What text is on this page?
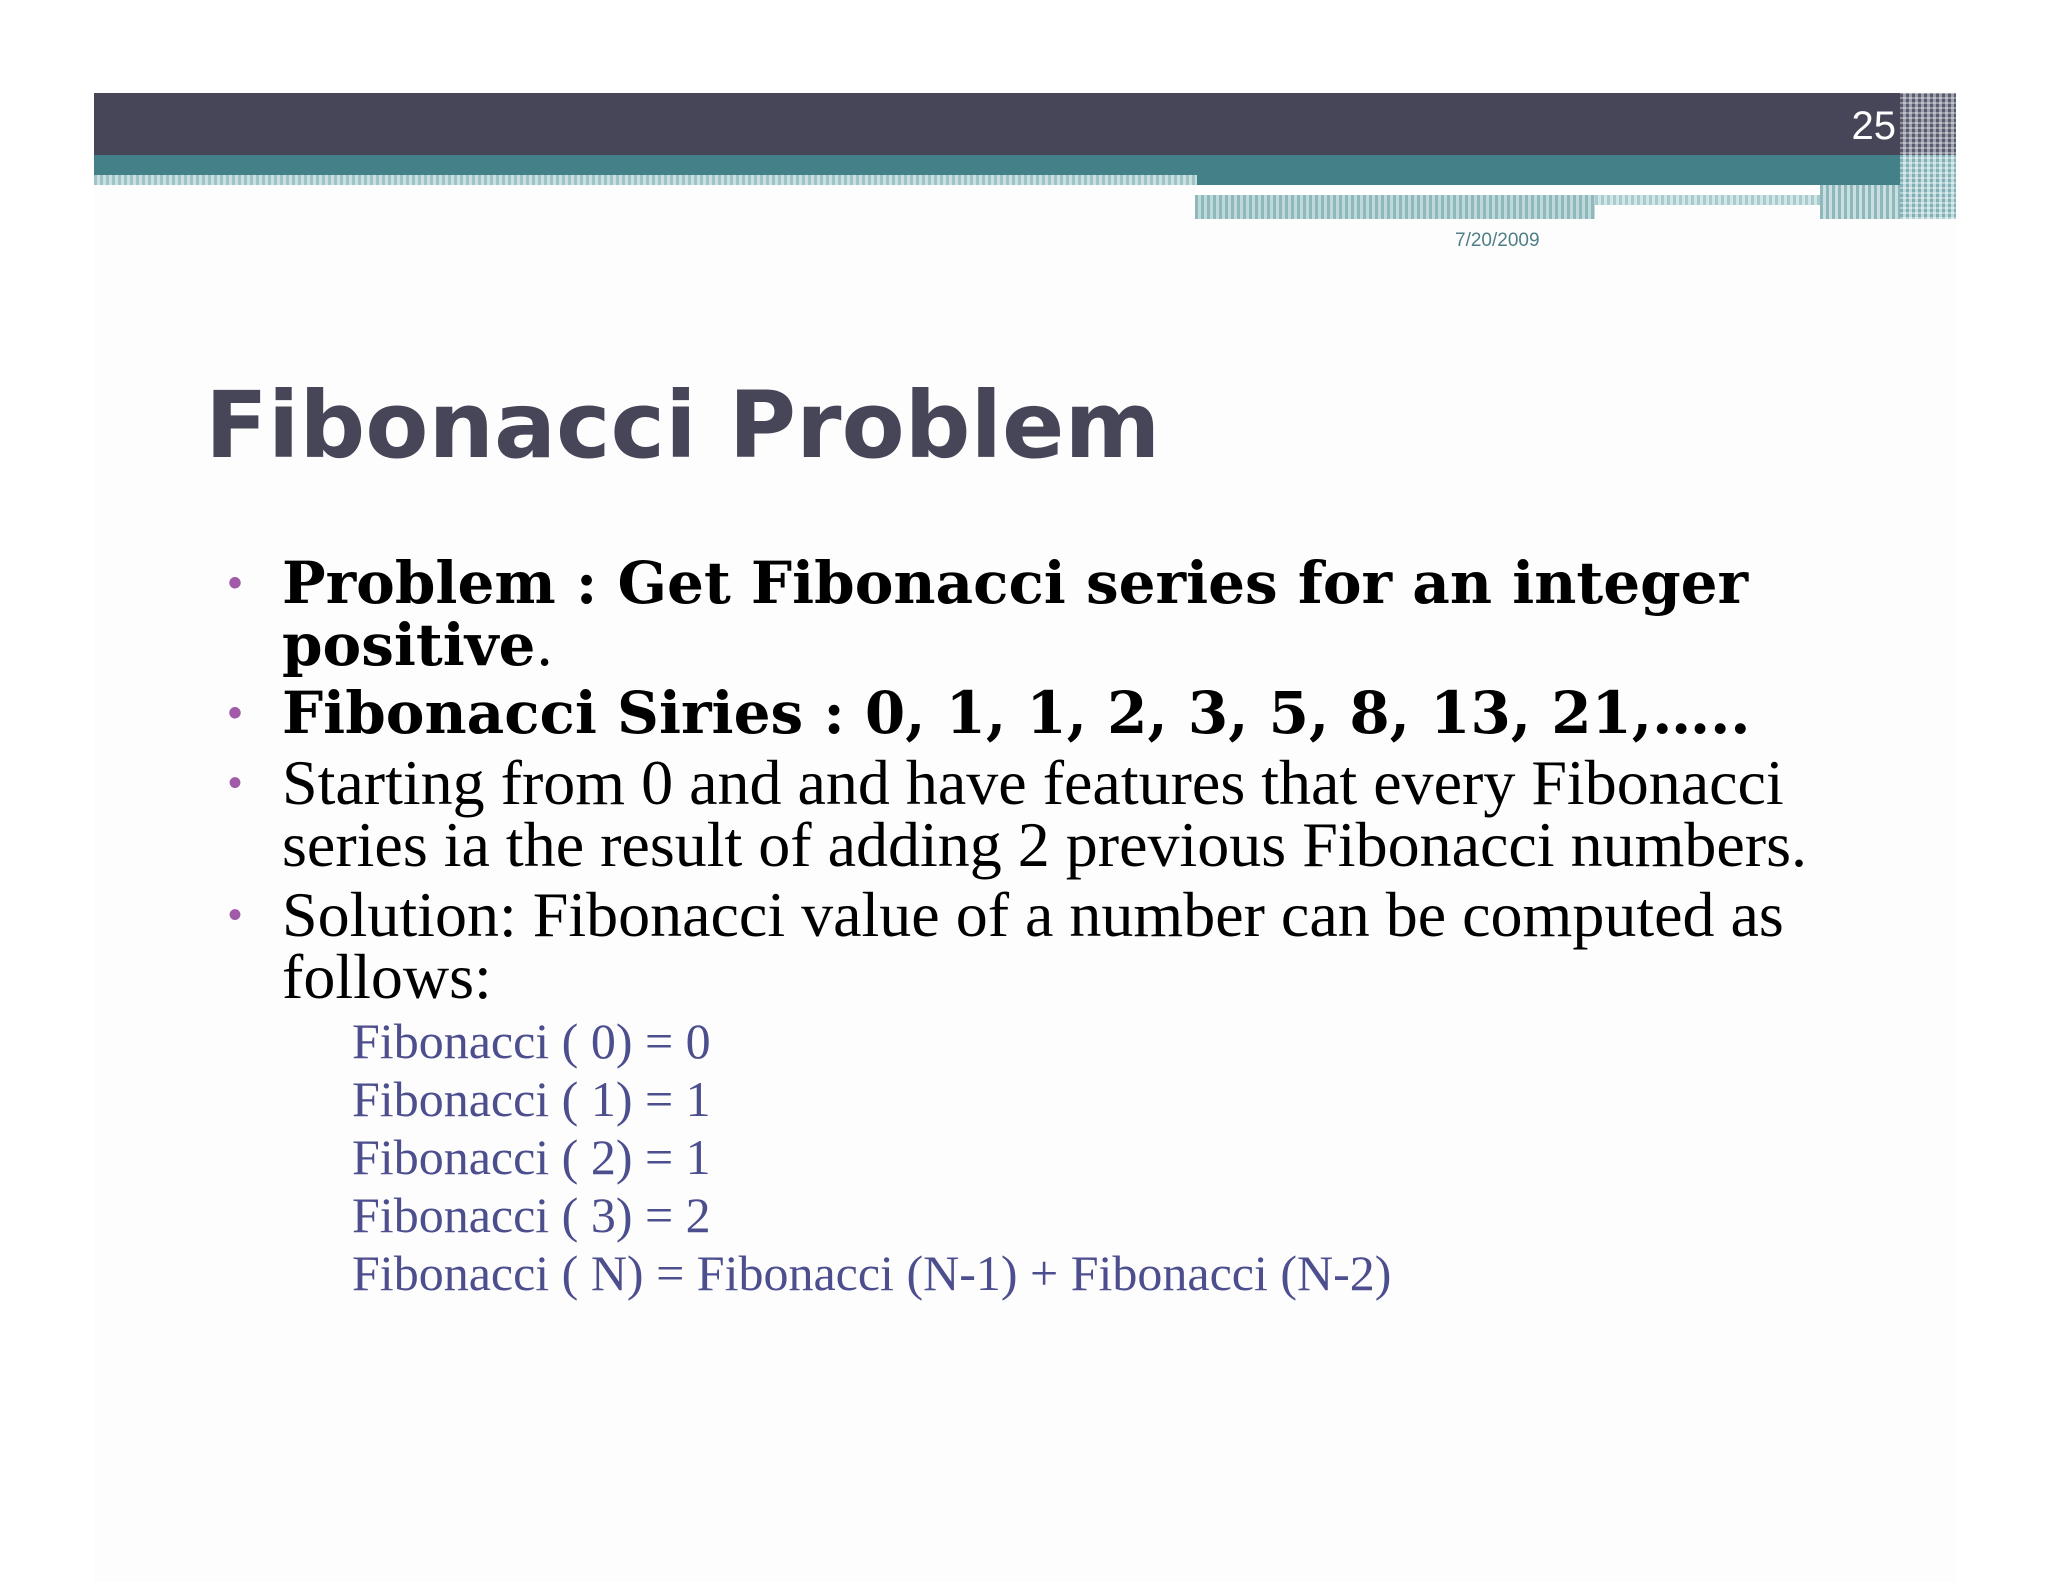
25
7/20/2009
Fibonacci Problem
• Problem : Get Fibonacci series for an integer positive.
• Fibonacci Siries : 0, 1, 1, 2, 3, 5, 8, 13, 21,…..
• Starting from 0 and and have features that every Fibonacci series ia the result of adding 2 previous Fibonacci numbers.
• Solution: Fibonacci value of a number can be computed as follows:
Fibonacci ( 0) = 0
Fibonacci ( 1) = 1
Fibonacci ( 2) = 1
Fibonacci ( 3) = 2
Fibonacci ( N) = Fibonacci (N-1) + Fibonacci (N-2)
